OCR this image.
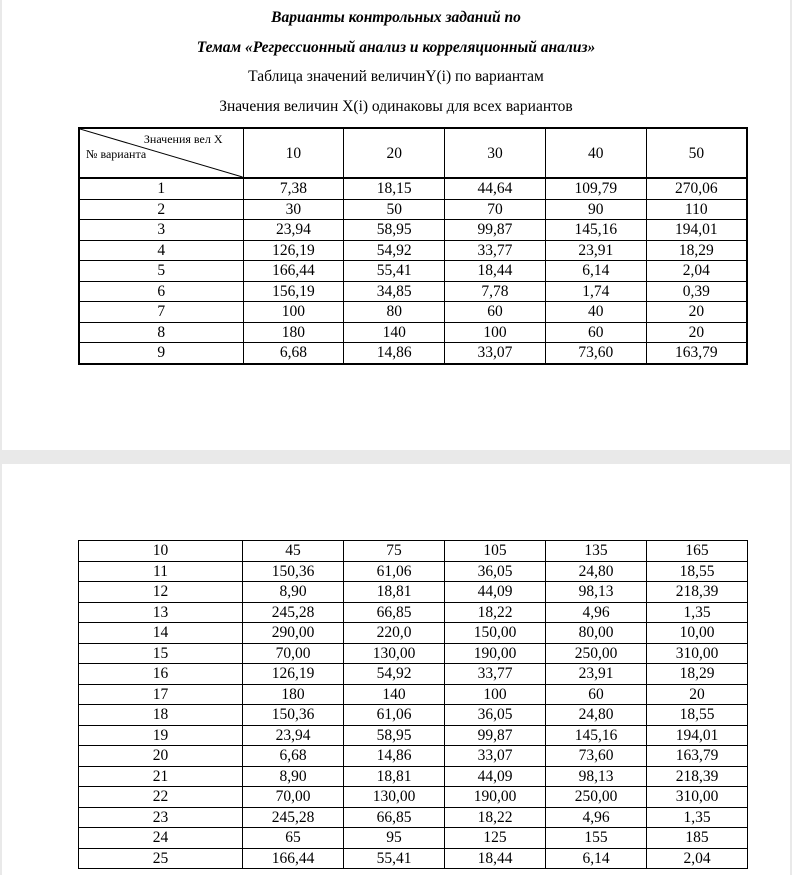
Варианты контрольных заданий по
Темам «Регрессионный анализ и корреляционный анализ»
Таблица значений величинY(i) по вариантам
Значения величин X(i) одинаковы для всех вариантов
Значения вел X
№ варианта	10	20	30	40	50
1	7,38	18,15	44,64	109,79	270,06
2	30	50	70	90	110
3	23,94	58,95	99,87	145,16	194,01
4	126,19	54,92	33,77	23,91	18,29
5	166,44	55,41	18,44	6,14	2,04
6	156,19	34,85	7,78	1,74	0,39
7	100	80	60	40	20
8	180	140	100	60	20
9	6,68	14,86	33,07	73,60	163,79
10	45	75	105	135	165
11	150,36	61,06	36,05	24,80	18,55
12	8,90	18,81	44,09	98,13	218,39
13	245,28	66,85	18,22	4,96	1,35
14	290,00	220,0	150,00	80,00	10,00
15	70,00	130,00	190,00	250,00	310,00
16	126,19	54,92	33,77	23,91	18,29
17	180	140	100	60	20
18	150,36	61,06	36,05	24,80	18,55
19	23,94	58,95	99,87	145,16	194,01
20	6,68	14,86	33,07	73,60	163,79
21	8,90	18,81	44,09	98,13	218,39
22	70,00	130,00	190,00	250,00	310,00
23	245,28	66,85	18,22	4,96	1,35
24	65	95	125	155	185
25	166,44	55,41	18,44	6,14	2,04
